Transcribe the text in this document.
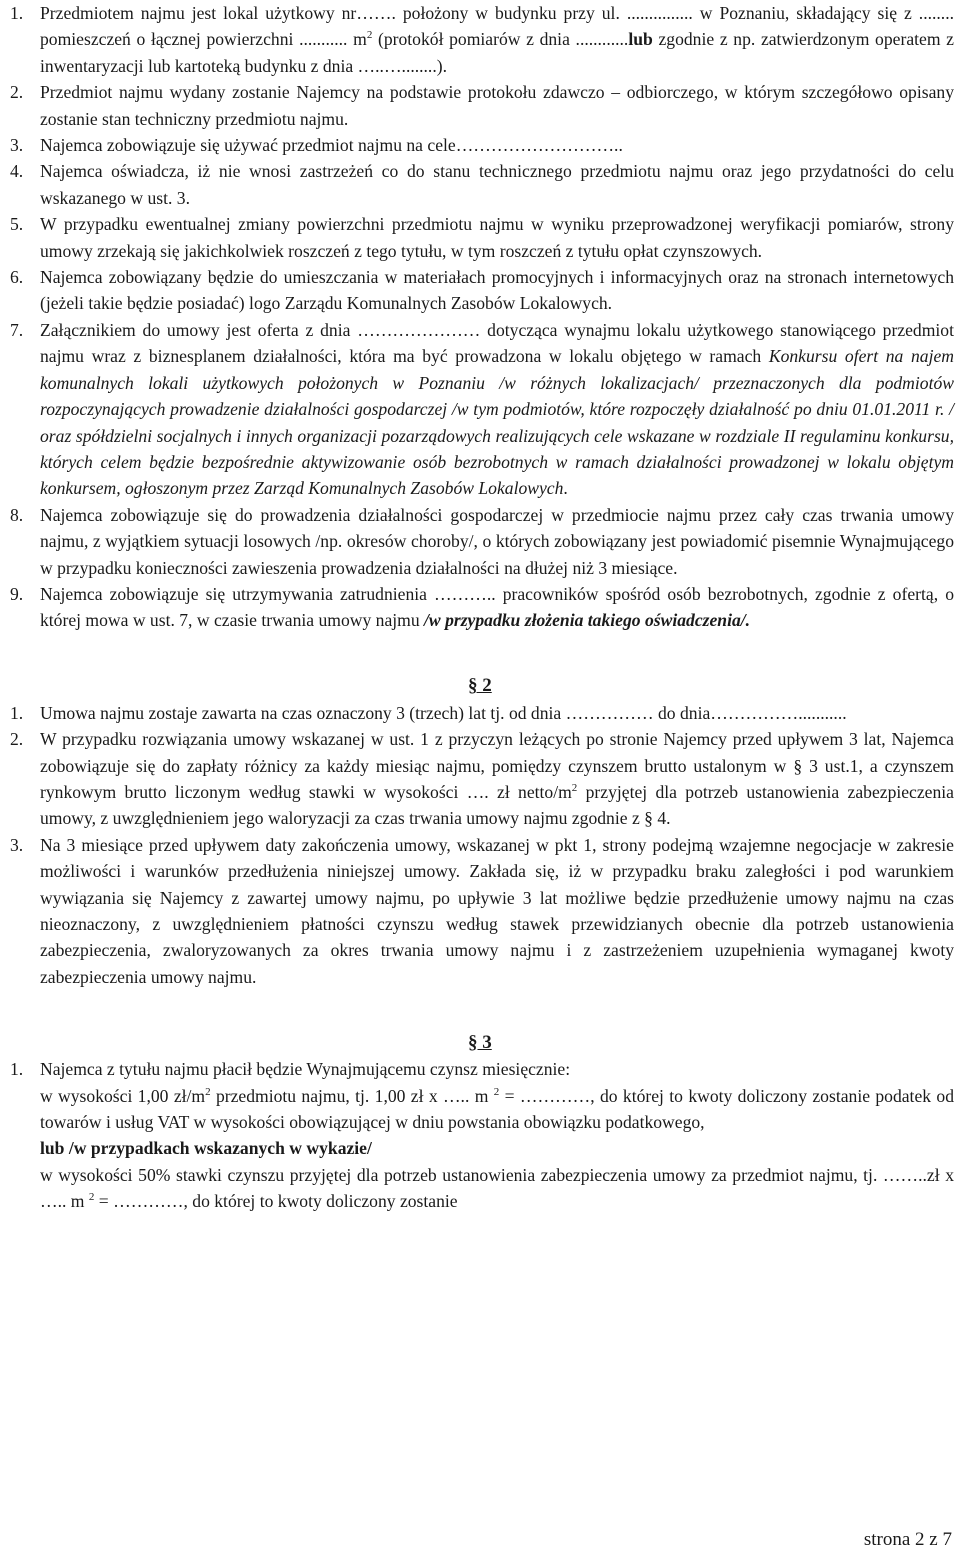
1. Przedmiotem najmu jest lokal użytkowy nr……. położony w budynku przy ul. ............... w Poznaniu, składający się z ........ pomieszczeń o łącznej powierzchni ........... $m^2$ (protokół pomiarów z dnia ............lub zgodnie z np. zatwierdzonym operatem z inwentaryzacji lub kartoteką budynku z dnia …..…........).
2. Przedmiot najmu wydany zostanie Najemcy na podstawie protokołu zdawczo – odbiorczego, w którym szczegółowo opisany zostanie stan techniczny przedmiotu najmu.
3. Najemca zobowiązuje się używać przedmiot najmu na cele………………………..
4. Najemca oświadcza, iż nie wnosi zastrzeżeń co do stanu technicznego przedmiotu najmu oraz jego przydatności do celu wskazanego w ust. 3.
5. W przypadku ewentualnej zmiany powierzchni przedmiotu najmu w wyniku przeprowadzonej weryfikacji pomiarów, strony umowy zrzekają się jakichkolwiek roszczeń z tego tytułu, w tym roszczeń z tytułu opłat czynszowych.
6. Najemca zobowiązany będzie do umieszczania w materiałach promocyjnych i informacyjnych oraz na stronach internetowych (jeżeli takie będzie posiadać) logo Zarządu Komunalnych Zasobów Lokalowych.
7. Załącznikiem do umowy jest oferta z dnia ………………… dotycząca wynajmu lokalu użytkowego stanowiącego przedmiot najmu wraz z biznesplanem działalności, która ma być prowadzona w lokalu objętego w ramach Konkursu ofert na najem komunalnych lokali użytkowych położonych w Poznaniu /w różnych lokalizacjach/ przeznaczonych dla podmiotów rozpoczynających prowadzenie działalności gospodarczej /w tym podmiotów, które rozpoczęły działalność po dniu 01.01.2011 r. / oraz spółdzielni socjalnych i innych organizacji pozarządowych realizujących cele wskazane w rozdziale II regulaminu konkursu, których celem będzie bezpośrednie aktywizowanie osób bezrobotnych w ramach działalności prowadzonej w lokalu objętym konkursem, ogłoszonym przez Zarząd Komunalnych Zasobów Lokalowych.
8. Najemca zobowiązuje się do prowadzenia działalności gospodarczej w przedmiocie najmu przez cały czas trwania umowy najmu, z wyjątkiem sytuacji losowych /np. okresów choroby/, o których zobowiązany jest powiadomić pisemnie Wynajmującego w przypadku konieczności zawieszenia prowadzenia działalności na dłużej niż 3 miesiące.
9. Najemca zobowiązuje się utrzymywania zatrudnienia ……….. pracowników spośród osób bezrobotnych, zgodnie z ofertą, o której mowa w ust. 7, w czasie trwania umowy najmu /w przypadku złożenia takiego oświadczenia/.
§ 2
1. Umowa najmu zostaje zawarta na czas oznaczony 3 (trzech) lat tj. od dnia …………… do dnia……………...........
2. W przypadku rozwiązania umowy wskazanej w ust. 1 z przyczyn leżących po stronie Najemcy przed upływem 3 lat, Najemca zobowiązuje się do zapłaty różnicy za każdy miesiąc najmu, pomiędzy czynszem brutto ustalonym w § 3 ust.1, a czynszem rynkowym brutto liczonym według stawki w wysokości …. zł netto/$m^2$ przyjętej dla potrzeb ustanowienia zabezpieczenia umowy, z uwzględnieniem jego waloryzacji za czas trwania umowy najmu zgodnie z § 4.
3. Na 3 miesiące przed upływem daty zakończenia umowy, wskazanej w pkt 1, strony podejmą wzajemne negocjacje w zakresie możliwości i warunków przedłużenia niniejszej umowy. Zakłada się, iż w przypadku braku zaległości i pod warunkiem wywiązania się Najemcy z zawartej umowy najmu, po upływie 3 lat możliwe będzie przedłużenie umowy najmu na czas nieoznaczony, z uwzględnieniem płatności czynszu według stawek przewidzianych obecnie dla potrzeb ustanowienia zabezpieczenia, zwaloryzowanych za okres trwania umowy najmu i z zastrzeżeniem uzupełnienia wymaganej kwoty zabezpieczenia umowy najmu.
§ 3
1. Najemca z tytułu najmu płacił będzie Wynajmującemu czynsz miesięcznie:
w wysokości 1,00 $zł/m^2$ przedmiotu najmu, tj. 1,00 zł x ….. m $^2$ = …………, do której to kwoty doliczony zostanie podatek od towarów i usług VAT w wysokości obowiązującej w dniu powstania obowiązku podatkowego,
lub /w przypadkach wskazanych w wykazie/
w wysokości 50% stawki czynszu przyjętej dla potrzeb ustanowienia zabezpieczenia umowy za przedmiot najmu, tj. ……..zł x ….. m $^2$ = …………, do której to kwoty doliczony zostanie
strona 2 z 7
